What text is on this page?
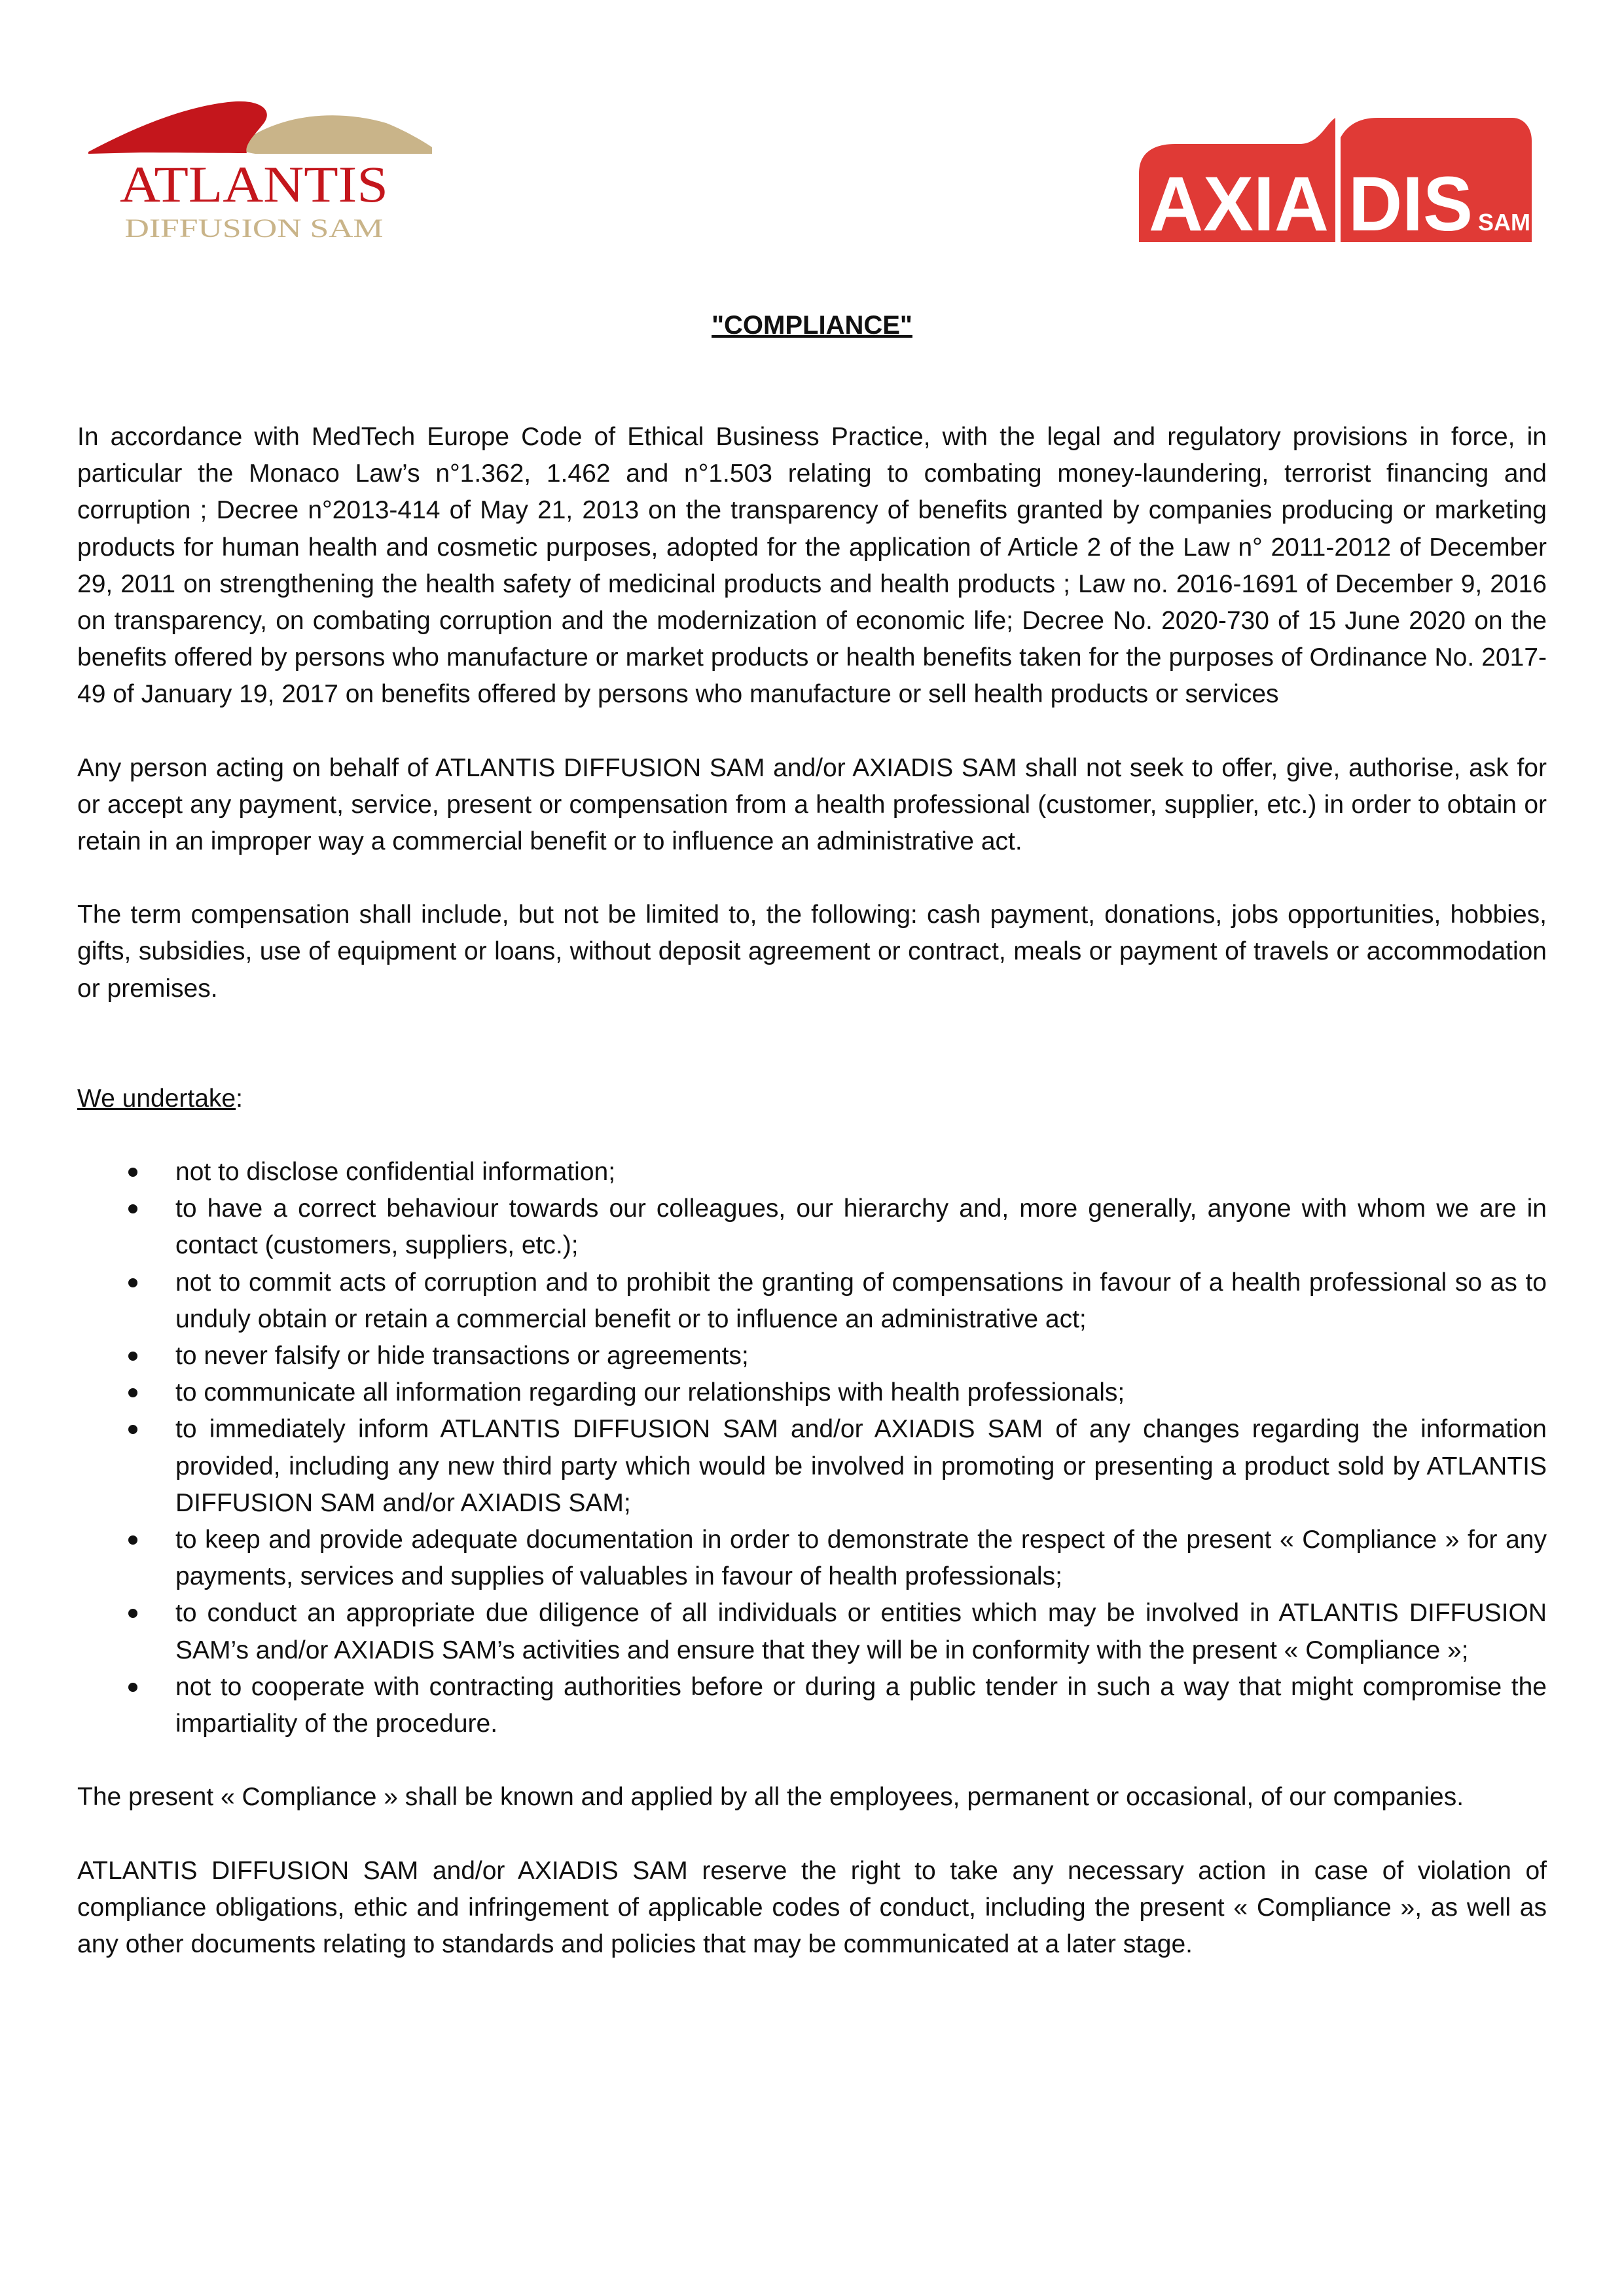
ATLANTIS
DIFFUSION SAM	AXIA DIS SAM
"COMPLIANCE"

In accordance with MedTech Europe Code of Ethical Business Practice, with the legal and regulatory provisions in force, in particular the Monaco Law’s n°1.362, 1.462 and n°1.503 relating to combating money-laundering, terrorist financing and corruption ; Decree n°2013-414 of May 21, 2013 on the transparency of benefits granted by companies producing or marketing products for human health and cosmetic purposes, adopted for the application of Article 2 of the Law n° 2011-2012 of December 29, 2011 on strengthening the health safety of medicinal products and health products ; Law no. 2016-1691 of December 9, 2016 on transparency, on combating corruption and the modernization of economic life; Decree No. 2020-730 of 15 June 2020 on the benefits offered by persons who manufacture or market products or health benefits taken for the purposes of Ordinance No. 2017-49 of January 19, 2017 on benefits offered by persons who manufacture or sell health products or services

Any person acting on behalf of ATLANTIS DIFFUSION SAM and/or AXIADIS SAM shall not seek to offer, give, authorise, ask for or accept any payment, service, present or compensation from a health professional (customer, supplier, etc.) in order to obtain or retain in an improper way a commercial benefit or to influence an administrative act.

The term compensation shall include, but not be limited to, the following: cash payment, donations, jobs opportunities, hobbies, gifts, subsidies, use of equipment or loans, without deposit agreement or contract, meals or payment of travels or accommodation or premises.

We undertake:

not to disclose confidential information;
to have a correct behaviour towards our colleagues, our hierarchy and, more generally, anyone with whom we are in contact (customers, suppliers, etc.);
not to commit acts of corruption and to prohibit the granting of compensations in favour of a health professional so as to unduly obtain or retain a commercial benefit or to influence an administrative act;
to never falsify or hide transactions or agreements;
to communicate all information regarding our relationships with health professionals;
to immediately inform ATLANTIS DIFFUSION SAM and/or AXIADIS SAM of any changes regarding the information provided, including any new third party which would be involved in promoting or presenting a product sold by ATLANTIS DIFFUSION SAM and/or AXIADIS SAM;
to keep and provide adequate documentation in order to demonstrate the respect of the present « Compliance » for any payments, services and supplies of valuables in favour of health professionals;
to conduct an appropriate due diligence of all individuals or entities which may be involved in ATLANTIS DIFFUSION SAM’s and/or AXIADIS SAM’s activities and ensure that they will be in conformity with the present « Compliance »;
not to cooperate with contracting authorities before or during a public tender in such a way that might compromise the impartiality of the procedure.

The present « Compliance » shall be known and applied by all the employees, permanent or occasional, of our companies.

ATLANTIS DIFFUSION SAM and/or AXIADIS SAM reserve the right to take any necessary action in case of violation of compliance obligations, ethic and infringement of applicable codes of conduct, including the present « Compliance », as well as any other documents relating to standards and policies that may be communicated at a later stage.
